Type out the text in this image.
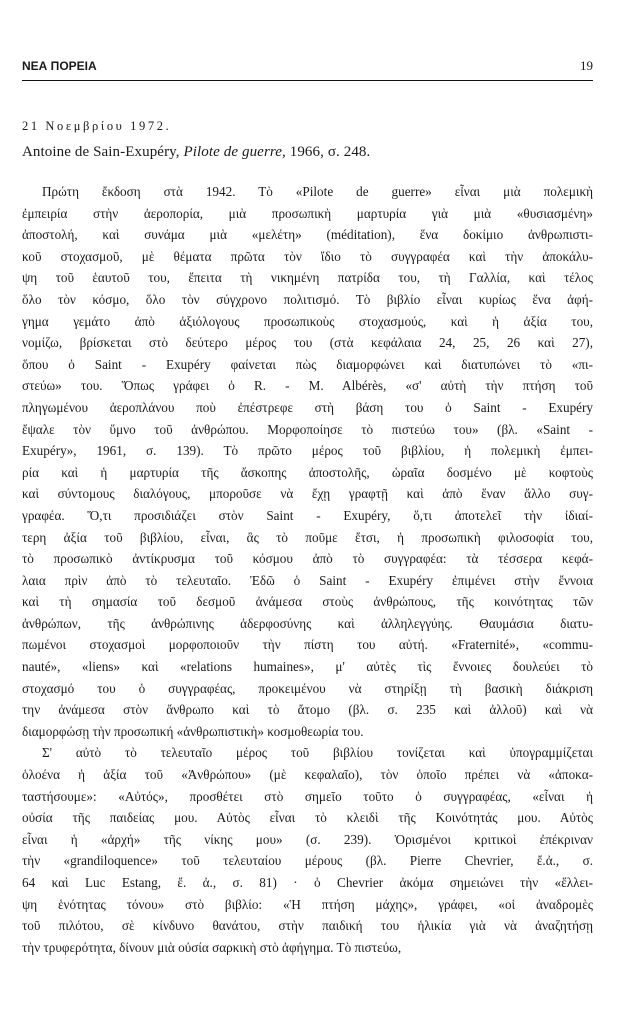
ΝΕΑ ΠΟΡΕΙΑ	19
21 Νοεμβρίου 1972.
Antoine de Sain-Exupéry, Pilote de guerre, 1966, σ. 248.
Πρώτη ἔκδοση στὰ 1942. Τὸ «Pilote de guerre» εἶναι μιὰ πολεμικὴ
ἐμπειρία στὴν ἀεροπορία, μιὰ προσωπικὴ μαρτυρία γιὰ μιὰ «θυσιασμένη»
ἀποστολή, καὶ συνάμα μιὰ «μελέτη» (méditation), ἕνα δοκίμιο ἀνθρωπιστι-
κοῦ στοχασμοῦ, μὲ θέματα πρῶτα τὸν ἴδιο τὸ συγγραφέα καὶ τὴν ἀποκάλυ-
ψη τοῦ ἑαυτοῦ του, ἔπειτα τὴ νικημένη πατρίδα του, τὴ Γαλλία, καὶ τέλος
ὅλο τὸν κόσμο, ὅλο τὸν σύγχρονο πολιτισμό. Τὸ βιβλίο εἶναι κυρίως ἕνα ἀφή-
γημα γεμάτο ἀπὸ ἀξιόλογους προσωπικοὺς στοχασμούς, καὶ ἡ ἀξία του,
νομίζω, βρίσκεται στὸ δεύτερο μέρος του (στὰ κεφάλαια 24, 25, 26 καὶ 27),
ὅπου ὁ Saint - Exupéry φαίνεται πὼς διαμορφώνει καὶ διατυπώνει τὸ «πι-
στεύω» του. Ὅπως γράφει ὁ R. - M. Albérès, «σ' αὐτὴ τὴν πτήση τοῦ
πληγωμένου ἀεροπλάνου ποὺ ἐπέστρεφε στὴ βάση του ὁ Saint - Exupéry
ἔψαλε τὸν ὕμνο τοῦ ἀνθρώπου. Μορφοποίησε τὸ πιστεύω του» (βλ. «Saint -
Exupéry», 1961, σ. 139). Τὸ πρῶτο μέρος τοῦ βιβλίου, ἡ πολεμικὴ ἐμπει-
ρία καὶ ἡ μαρτυρία τῆς ἄσκοπης ἀποστολῆς, ὡραῖα δοσμένο μὲ κοφτοὺς
καὶ σύντομους διαλόγους, μποροῦσε νὰ ἔχῃ γραφτῇ καὶ ἀπὸ ἕναν ἄλλο συγ-
γραφέα. Ὅ,τι προσιδιάζει στὸν Saint - Exupéry, ὅ,τι ἀποτελεῖ τὴν ἰδιαί-
τερη ἀξία τοῦ βιβλίου, εἶναι, ἂς τὸ ποῦμε ἔτσι, ἡ προσωπικὴ φιλοσοφία του,
τὸ προσωπικὸ ἀντίκρυσμα τοῦ κόσμου ἀπὸ τὸ συγγραφέα: τὰ τέσσερα κεφά-
λαια πρὶν ἀπὸ τὸ τελευταῖο. Ἐδῶ ὁ Saint - Exupéry ἐπιμένει στὴν ἔννοια
καὶ τὴ σημασία τοῦ δεσμοῦ ἀνάμεσα στοὺς ἀνθρώπους, τῆς κοινότητας τῶν
ἀνθρώπων, τῆς ἀνθρώπινης ἀδερφοσύνης καὶ ἀλληλεγγύης. Θαυμάσια διατυ-
πωμένοι στοχασμοὶ μορφοποιοῦν τὴν πίστη του αὐτή. «Fraternité», «commu-
nauté», «liens» καὶ «relations humaines», μ' αὐτὲς τὶς ἔννοιες δουλεύει τὸ
στοχασμό του ὁ συγγραφέας, προκειμένου νὰ στηρίξῃ τὴ βασικὴ διάκριση
την ἀνάμεσα στὸν ἄνθρωπο καὶ τὸ ἄτομο (βλ. σ. 235 καὶ ἀλλοῦ) καὶ νὰ
διαμορφώσῃ τὴν προσωπική «ἀνθρωπιστικὴ» κοσμοθεωρία του.
Σ' αὐτὸ τὸ τελευταῖο μέρος τοῦ βιβλίου τονίζεται καὶ ὑπογραμμίζεται
ὁλοένα ἡ ἀξία τοῦ «Ἀνθρώπου» (μὲ κεφαλαῖο), τὸν ὁποῖο πρέπει νὰ «ἀποκα-
ταστήσουμε»: «Αὐτός», προσθέτει στὸ σημεῖο τοῦτο ὁ συγγραφέας, «εἶναι ἡ
οὐσία τῆς παιδείας μου. Αὐτὸς εἶναι τὸ κλειδὶ τῆς Κοινότητάς μου. Αὐτὸς
εἶναι ἡ «ἀρχή» τῆς νίκης μου» (σ. 239). Ὁρισμένοι κριτικοὶ ἐπέκριναν
τὴν «grandiloquence» τοῦ τελευταίου μέρους (βλ. Pierre Chevrier, ἔ.ἀ., σ.
64 καὶ Luc Estang, ἔ. ἀ., σ. 81) · ὁ Chevrier ἀκόμα σημειώνει τὴν «ἔλλει-
ψη ἑνότητας τόνου» στὸ βιβλίο: «Ἡ πτήση μάχης», γράφει, «οἱ ἀναδρομὲς
τοῦ πιλότου, σὲ κίνδυνο θανάτου, στὴν παιδική του ἡλικία γιὰ νὰ ἀναζητήσῃ
τὴν τρυφερότητα, δίνουν μιὰ οὐσία σαρκικὴ στὸ ἀφήγημα. Τὸ πιστεύω,
